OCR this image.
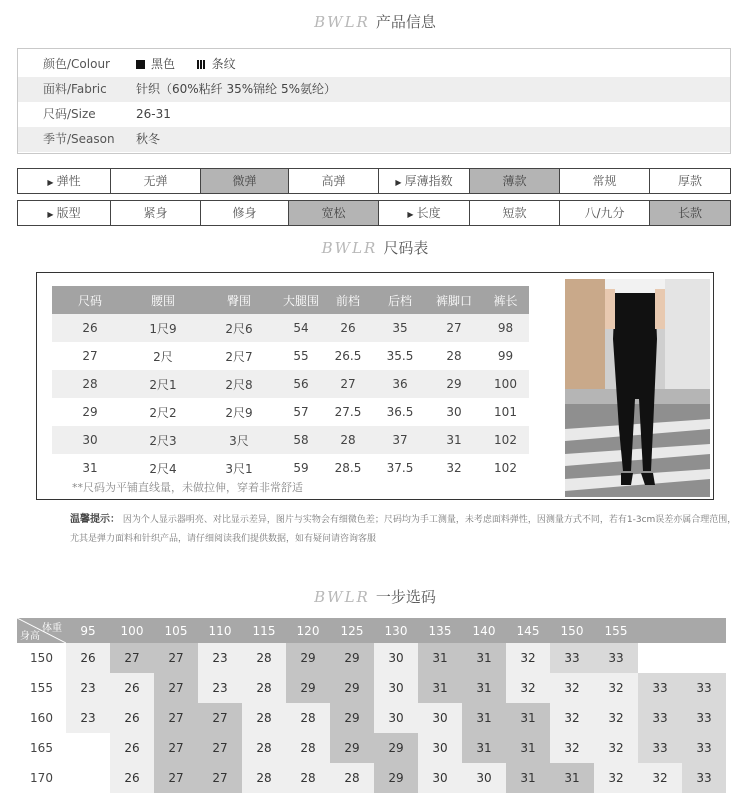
BWLR 产品信息
颜色/Colour	黑色	条纹
面料/Fabric 针织（60%粘纤 35%锦纶 5%氨纶）
尺码/Size	26-31
季节/Season 秋冬
▶ 弹性	无弹	微弹	高弹	▶ 厚薄指数	薄款	常规	厚款
▶ 版型	紧身	修身	宽松	▶ 长度	短款	八/九分	长款
BWLR 尺码表
尺码	腰围	臀围	大腿围	前档	后档	裤脚口	裤长
26	1尺9	2尺6	54	26	35	27	98
27	2尺	2尺7	55	26.5	35.5	28	99
28	2尺1	2尺8	56	27	36	29	100
29	2尺2	2尺9	57	27.5	36.5	30	101
30	2尺3	3尺	58	28	37	31	102
31	2尺4	3尺1	59	28.5	37.5	32	102
**尺码为平铺直线量，未做拉伸，穿着非常舒适
温馨提示： 因为个人显示器明亮、对比显示差异，图片与实物会有细微色差；尺码均为手工测量，未考虑面料弹性，因测量方式不同，若有1-3cm误差亦属合理范围，尤其是弹力面料和针织产品，请仔细阅读我们提供数据，如有疑问请咨询客服
BWLR 一步选码
体重
身高	95	100	105	110	115	120	125	130	135	140	145	150	155		
150	26	27	27	23	28	29	29	30	31	31	32	33	33		
155	23	26	27	23	28	29	29	30	31	31	32	32	32	33	33
160	23	26	27	27	28	28	29	30	30	31	31	32	32	33	33
165		26	27	27	28	28	29	29	30	31	31	32	32	33	33
170		26	27	27	28	28	28	29	30	30	31	31	32	32	33
